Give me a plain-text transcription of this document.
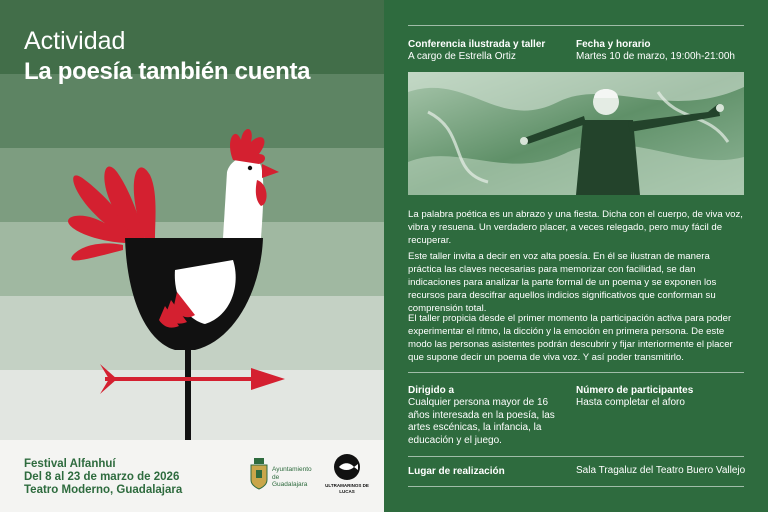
Actividad
La poesía también cuenta
Festival Alfanhuí
Del 8 al 23 de marzo de 2026
Teatro Moderno, Guadalajara
Ayuntamiento de Guadalajara	ULTRAMARINOS DE LUCAS
Conferencia ilustrada y taller
A cargo de Estrella Ortiz
Fecha y horario
Martes 10 de marzo, 19:00h-21:00h
La palabra poética es un abrazo y una fiesta. Dicha con el cuerpo, de viva voz, vibra y resuena. Un verdadero placer, a veces relegado, pero muy fácil de recuperar.
Este taller invita a decir en voz alta poesía. En él se ilustran de manera práctica las claves necesarias para memorizar con facilidad, se dan indicaciones para analizar la parte formal de un poema y se exponen los recursos para descifrar aquellos indicios significativos que conforman su comprensión total.
El taller propicia desde el primer momento la participación activa para poder experimentar el ritmo, la dicción y la emoción en primera persona. De este modo las personas asistentes podrán descubrir y fijar interiormente el placer que supone decir un poema de viva voz. Y así poder transmitirlo.
Dirigido a
Cualquier persona mayor de 16 años interesada en la poesía, las artes escénicas, la infancia, la educación y el juego.
Número de participantes
Hasta completar el aforo
Lugar de realización	Sala Tragaluz del Teatro Buero Vallejo
